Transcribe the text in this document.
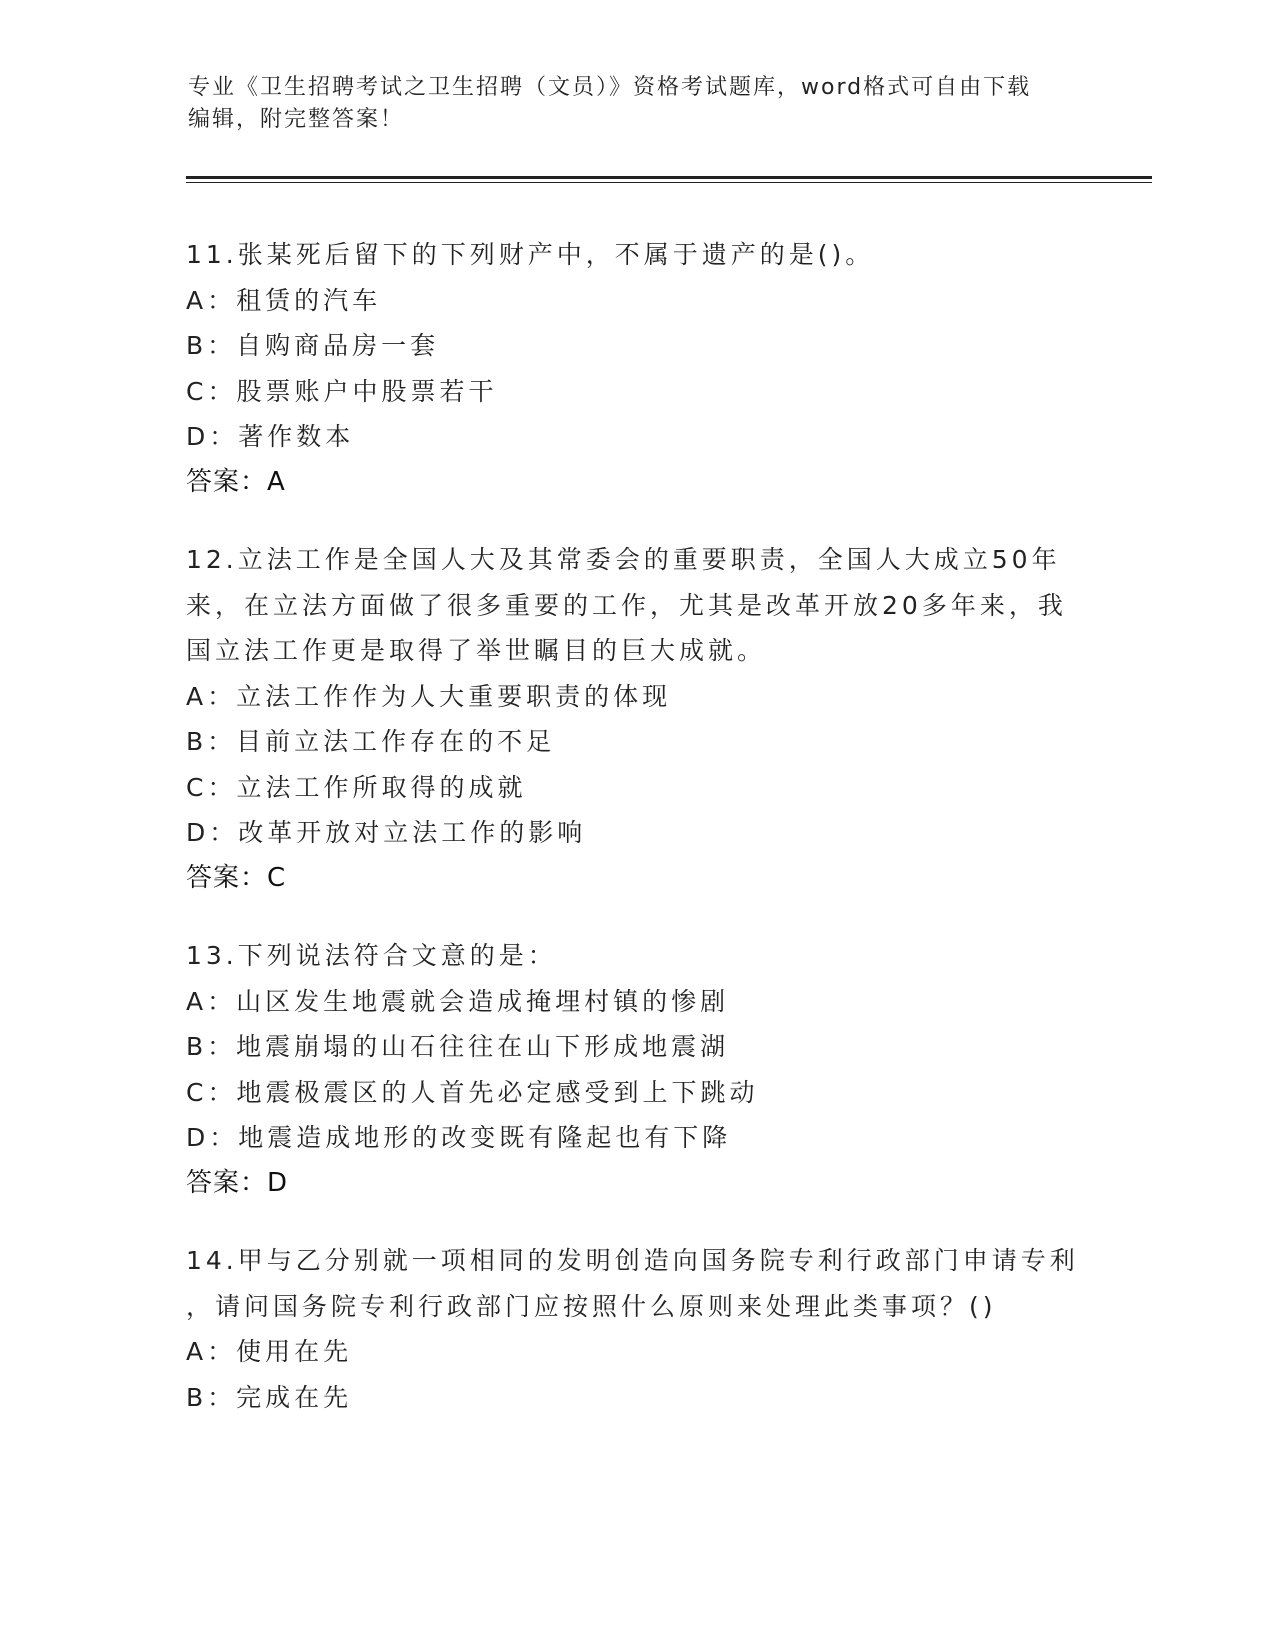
专业《卫生招聘考试之卫生招聘（文员）》资格考试题库，word格式可自由下载
编辑，附完整答案！
11.张某死后留下的下列财产中，不属于遗产的是()。
A：租赁的汽车
B：自购商品房一套
C：股票账户中股票若干
D：著作数本
答案：A
12.立法工作是全国人大及其常委会的重要职责，全国人大成立50年
来，在立法方面做了很多重要的工作，尤其是改革开放20多年来，我
国立法工作更是取得了举世瞩目的巨大成就。
A：立法工作作为人大重要职责的体现
B：目前立法工作存在的不足
C：立法工作所取得的成就
D：改革开放对立法工作的影响
答案：C
13.下列说法符合文意的是：
A：山区发生地震就会造成掩埋村镇的惨剧
B：地震崩塌的山石往往在山下形成地震湖
C：地震极震区的人首先必定感受到上下跳动
D：地震造成地形的改变既有隆起也有下降
答案：D
14.甲与乙分别就一项相同的发明创造向国务院专利行政部门申请专利
，请问国务院专利行政部门应按照什么原则来处理此类事项？()
A：使用在先
B：完成在先
